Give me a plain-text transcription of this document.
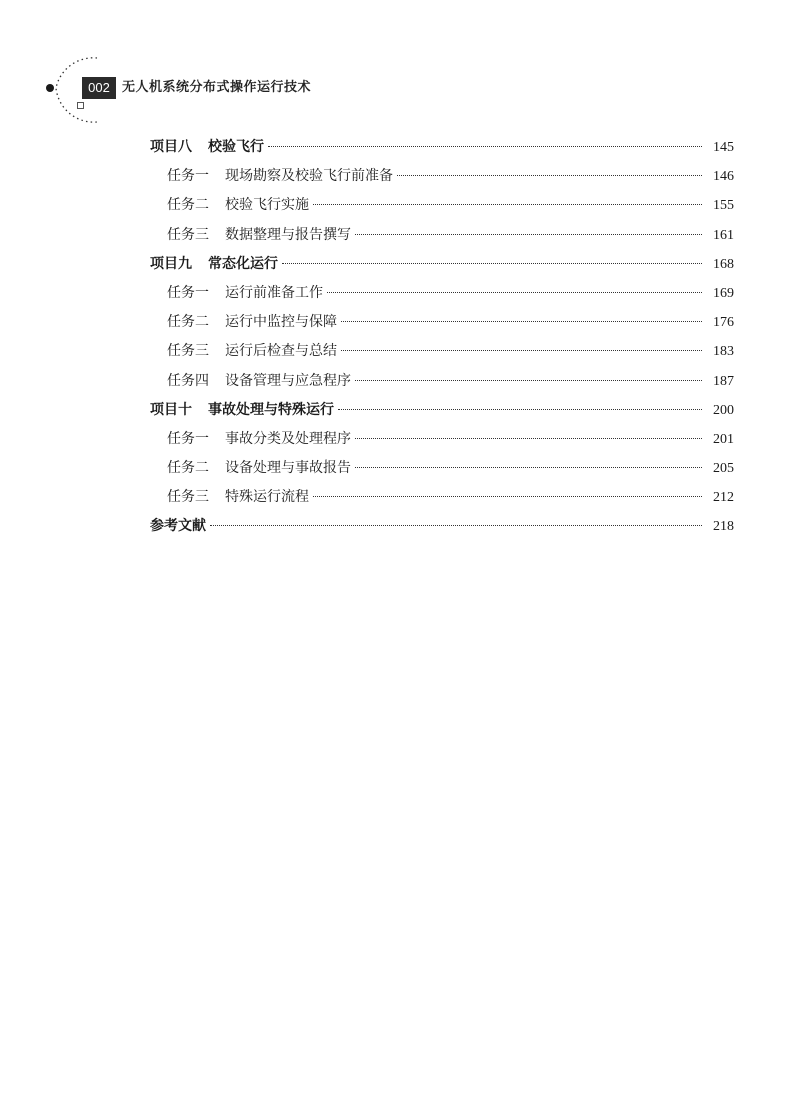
002 无人机系统分布式操作运行技术
项目八 校验飞行	145
任务一 现场勘察及校验飞行前准备	146
任务二 校验飞行实施	155
任务三 数据整理与报告撰写	161
项目九 常态化运行	168
任务一 运行前准备工作	169
任务二 运行中监控与保障	176
任务三 运行后检查与总结	183
任务四 设备管理与应急程序	187
项目十 事故处理与特殊运行	200
任务一 事故分类及处理程序	201
任务二 设备处理与事故报告	205
任务三 特殊运行流程	212
参考文献	218
